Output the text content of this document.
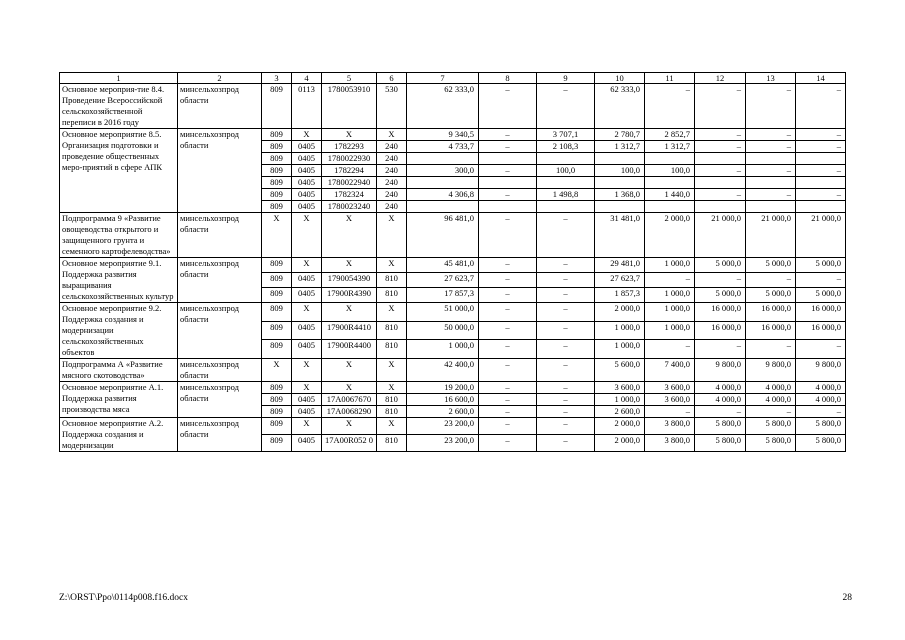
1	2	3	4	5	6	7	8	9	10	11	12	13	14
Основное мероприя-тие 8.4. Проведение Всероссийской сельскохозяйственной переписи в 2016 году	минсельхозпрод области	809	0113	1780053910	530	62 333,0	–	–	62 333,0	–	–	–	–
Основное мероприятие 8.5. Организация подготовки и проведение общественных меро-приятий в сфере АПК	минсельхозпрод области	809	Х	Х	Х	9 340,5	–	3 707,1	2 780,7	2 852,7	–	–	–
		809	0405	1782293	240	4 733,7	–	2 108,3	1 312,7	1 312,7	–	–	–
		809	0405	1780022930	240								
		809	0405	1782294	240	300,0	–	100,0	100,0	100,0	–	–	–
		809	0405	1780022940	240								
		809	0405	1782324	240	4 306,8	–	1 498,8	1 368,0	1 440,0	–	–	–
		809	0405	1780023240	240								
Подпрограмма 9 «Развитие овощеводства открытого и защищенного грунта и семенного картофелеводства»	минсельхозпрод области	Х	Х	Х	Х	96 481,0	–	–	31 481,0	2 000,0	21 000,0	21 000,0	21 000,0
Основное мероприятие 9.1. Поддержка развития выращивания сельскохозяйственных культур	минсельхозпрод области	809	Х	Х	Х	45 481,0	–	–	29 481,0	1 000,0	5 000,0	5 000,0	5 000,0
		809	0405	1790054390	810	27 623,7	–	–	27 623,7	–	–	–	–
		809	0405	17900R4390	810	17 857,3	–	–	1 857,3	1 000,0	5 000,0	5 000,0	5 000,0
Основное мероприятие 9.2. Поддержка создания и модернизации сельскохозяйственных объектов	минсельхозпрод области	809	Х	Х	Х	51 000,0	–	–	2 000,0	1 000,0	16 000,0	16 000,0	16 000,0
		809	0405	17900R4410	810	50 000,0	–	–	1 000,0	1 000,0	16 000,0	16 000,0	16 000,0
		809	0405	17900R4400	810	1 000,0	–	–	1 000,0	–	–	–	–
Подпрограмма А «Развитие мясного скотоводства»	минсельхозпрод области	Х	Х	Х	Х	42 400,0	–	–	5 600,0	7 400,0	9 800,0	9 800,0	9 800,0
Основное мероприятие А.1. Поддержка развития производства мяса	минсельхозпрод области	809	Х	Х	Х	19 200,0	–	–	3 600,0	3 600,0	4 000,0	4 000,0	4 000,0
		809	0405	17А0067670	810	16 600,0	–	–	1 000,0	3 600,0	4 000,0	4 000,0	4 000,0
		809	0405	17А0068290	810	2 600,0	–	–	2 600,0	–	–	–	–
Основное мероприятие А.2. Поддержка создания и модернизации	минсельхозпрод области	809	Х	Х	Х	23 200,0	–	–	2 000,0	3 800,0	5 800,0	5 800,0	5 800,0
		809	0405	17А00R052 0	810	23 200,0	–	–	2 000,0	3 800,0	5 800,0	5 800,0	5 800,0
Z:\ORST\Ppo\0114p008.f16.docx	28
